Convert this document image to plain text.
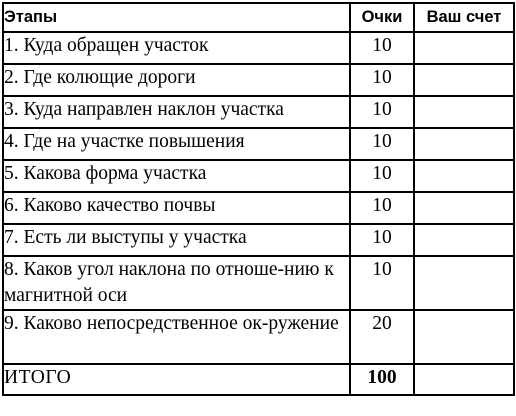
Этапы	Очки	Ваш счет
1. Куда обращен участок	10	
2. Где колющие дороги	10	
3. Куда направлен наклон участка	10	
4. Где на участке повышения	10	
5. Какова форма участка	10	
6. Каково качество почвы	10	
7. Есть ли выступы у участка	10	
8. Каков угол наклона по отноше-нию к магнитной оси	10	
9. Каково непосредственное ок-ружение	20	
ИТОГО	100	
